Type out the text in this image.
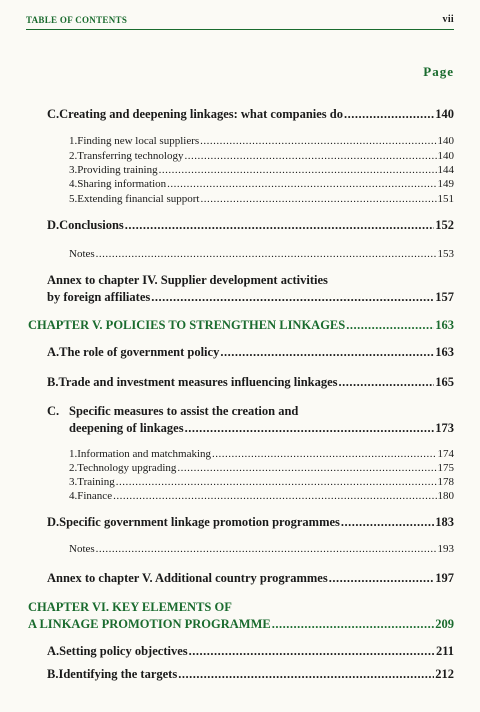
TABLE OF CONTENTS	vii
Page
C. Creating and deepening linkages: what companies do .....	140
1. Finding new local suppliers .....	140
2. Transferring technology .....	140
3. Providing training .....	144
4. Sharing information .....	149
5. Extending financial support .....	151
D. Conclusions .....	152
Notes .....	153
Annex to chapter IV. Supplier development activities
by foreign affiliates .....	157
CHAPTER V. POLICIES TO STRENGTHEN LINKAGES .....	163
A. The role of government policy .....	163
B. Trade and investment measures influencing linkages .....	165
C. Specific measures to assist the creation and
deepening of linkages .....	173
1. Information and matchmaking .....	174
2. Technology upgrading .....	175
3. Training .....	178
4. Finance .....	180
D. Specific government linkage promotion programmes .....	183
Notes .....	193
Annex to chapter V. Additional country programmes .....	197
CHAPTER VI. KEY ELEMENTS OF
A LINKAGE PROMOTION PROGRAMME .....	209
A. Setting policy objectives .....	211
B. Identifying the targets .....	212
